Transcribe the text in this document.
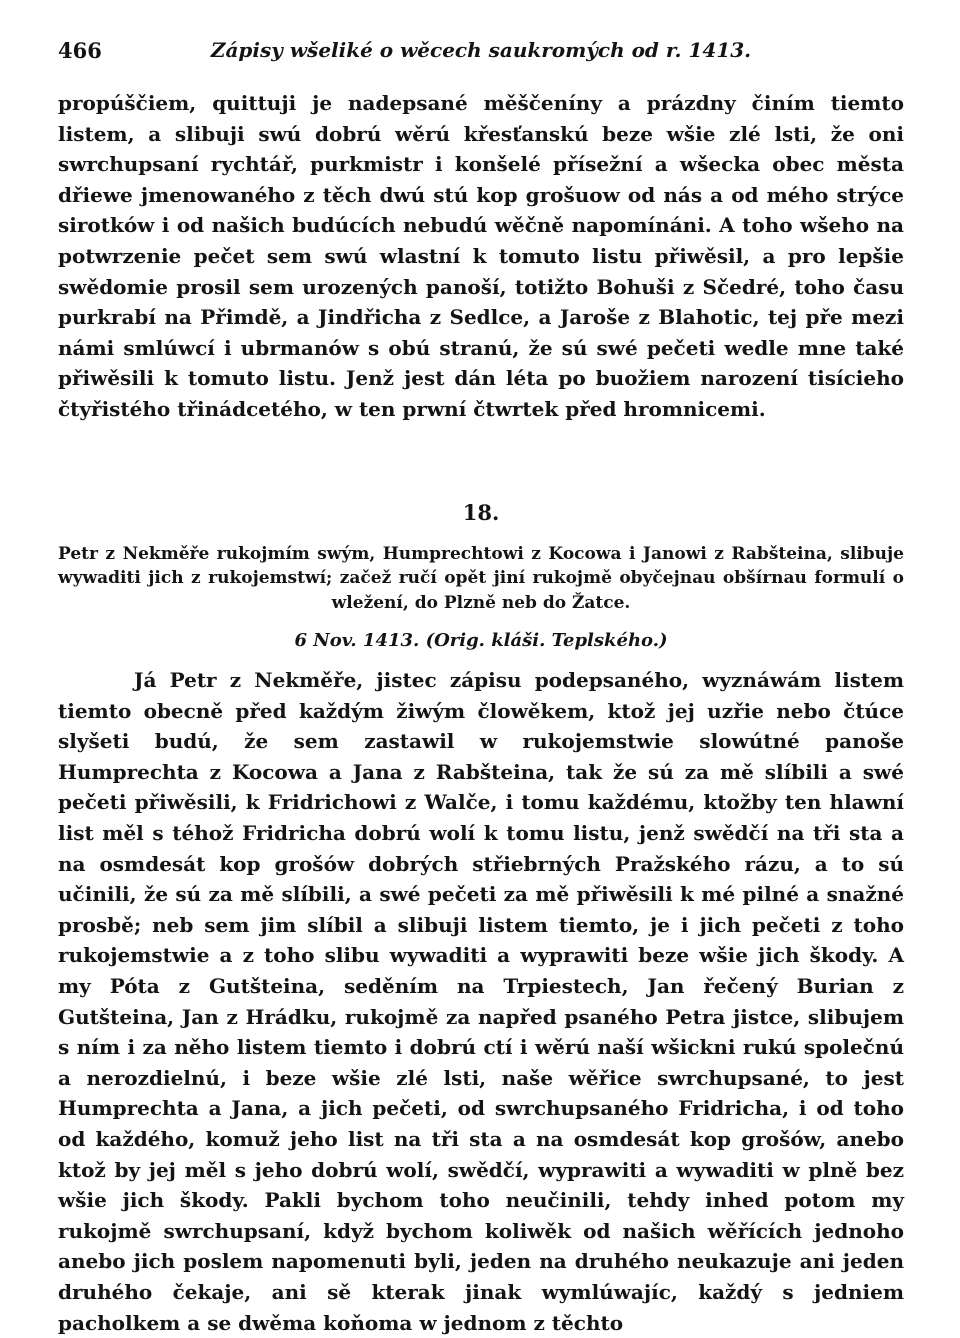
466	Zápisy wšeliké o wěcech saukromých od r. 1413.

propúščiem, quittuji je nadepsané měščeníny a prázdny činím tiemto listem, a slibuji swú dobrú wěrú křesťanskú beze wšie zlé lsti, že oni swrchupsaní rychtář, purkmistr i konšelé přísežní a wšecka obec města dřiewe jmenowaného z těch dwú stú kop grošuow od nás a od mého strýce sirotków i od našich budúcích nebudú wěčně napomínáni. A toho wšeho na potwrzenie pečet sem swú wlastní k tomuto listu přiwěsil, a pro lepšie swědomie prosil sem urozených panoší, totižto Bohuši z Sčedré, toho času purkrabí na Přimdě, a Jindřicha z Sedlce, a Jaroše z Blahotic, tej pře mezi námi smlúwcí i ubrmanów s obú stranú, že sú swé pečeti wedle mne také přiwěsili k tomuto listu. Jenž jest dán léta po buožiem narození tisícieho čtyřistého třinádcetého, w ten prwní čtwrtek před hromnicemi.

18.

Petr z Nekměře rukojmím swým, Humprechtowi z Kocowa i Janowi z Rabšteina, slibuje wywaditi jich z rukojemstwí; začež ručí opět jiní rukojmě obyčejnau obšírnau formulí o wležení, do Plzně neb do Žatce.

6 Nov. 1413. (Orig. kláši. Teplského.)

Já Petr z Nekměře, jistec zápisu podepsaného, wyznáwám listem tiemto obecně před každým žiwým člowěkem, ktož jej uzřie nebo čtúce slyšeti budú, že sem zastawil w rukojemstwie slowútné panoše Humprechta z Kocowa a Jana z Rabšteina, tak že sú za mě slíbili a swé pečeti přiwěsili, k Fridrichowi z Walče, i tomu každému, ktožby ten hlawní list měl s téhož Fridricha dobrú wolí k tomu listu, jenž swědčí na tři sta a na osmdesát kop grošów dobrých střiebrných Pražského rázu, a to sú učinili, že sú za mě slíbili, a swé pečeti za mě přiwěsili k mé pilné a snažné prosbě; neb sem jim slíbil a slibuji listem tiemto, je i jich pečeti z toho rukojemstwie a z toho slibu wywaditi a wyprawiti beze wšie jich škody. A my Póta z Gutšteina, seděním na Trpiestech, Jan řečený Burian z Gutšteina, Jan z Hrádku, rukojmě za napřed psaného Petra jistce, slibujem s ním i za něho listem tiemto i dobrú ctí i wěrú naší wšickni rukú společnú a nerozdielnú, i beze wšie zlé lsti, naše wěřice swrchupsané, to jest Humprechta a Jana, a jich pečeti, od swrchupsaného Fridricha, i od toho od každého, komuž jeho list na tři sta a na osmdesát kop grošów, anebo ktož by jej měl s jeho dobrú wolí, swědčí, wyprawiti a wywaditi w plně bez wšie jich škody. Pakli bychom toho neučinili, tehdy inhed potom my rukojmě swrchupsaní, když bychom koliwěk od našich wěřících jednoho anebo jich poslem napomenuti byli, jeden na druhého neukazuje ani jeden druhého čekaje, ani sě kterak jinak wymlúwajíc, každý s jedniem pacholkem a se dwěma koňoma w jednom z těchto
